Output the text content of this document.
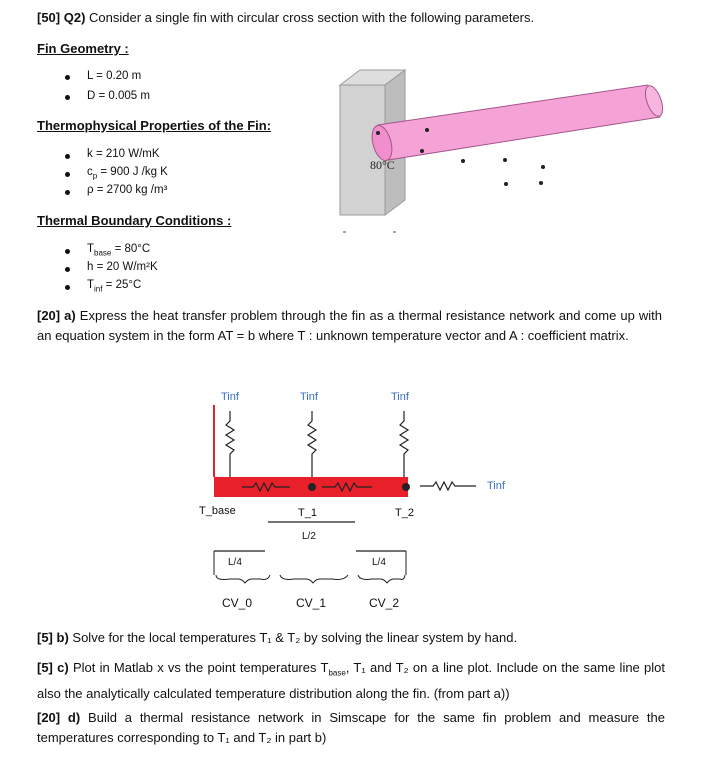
[50] Q2) Consider a single fin with circular cross section with the following parameters.
Fin Geometry :
L = 0.20 m
D = 0.005 m
Thermophysical Properties of the Fin:
k = 210 W/mK
$c_p = 900$ J /kg K
ρ = 2700 kg /m³
Thermal Boundary Conditions :
$T_{base} = 80^\circ C$
h = 20 W/m²K
$T_{inf} = 25^\circ C$
80°C
[20] a) Express the heat transfer problem through the fin as a thermal resistance network and come up with an equation system in the form AT = b where T : unknown temperature vector and A : coefficient matrix.
Tinf	Tinf	Tinf
Tinf
T_base	T_1	T_2
L/2
L/4	L/4
CV_0	CV_1	CV_2
[5] b) Solve for the local temperatures T₁ & T₂ by solving the linear system by hand.
[5] c) Plot in Matlab x vs the point temperatures $T_{base}$, T₁ and T₂ on a line plot. Include on the same line plot also the analytically calculated temperature distribution along the fin. (from part a))
[20] d) Build a thermal resistance network in Simscape for the same fin problem and measure the temperatures corresponding to T₁ and T₂ in part b)
